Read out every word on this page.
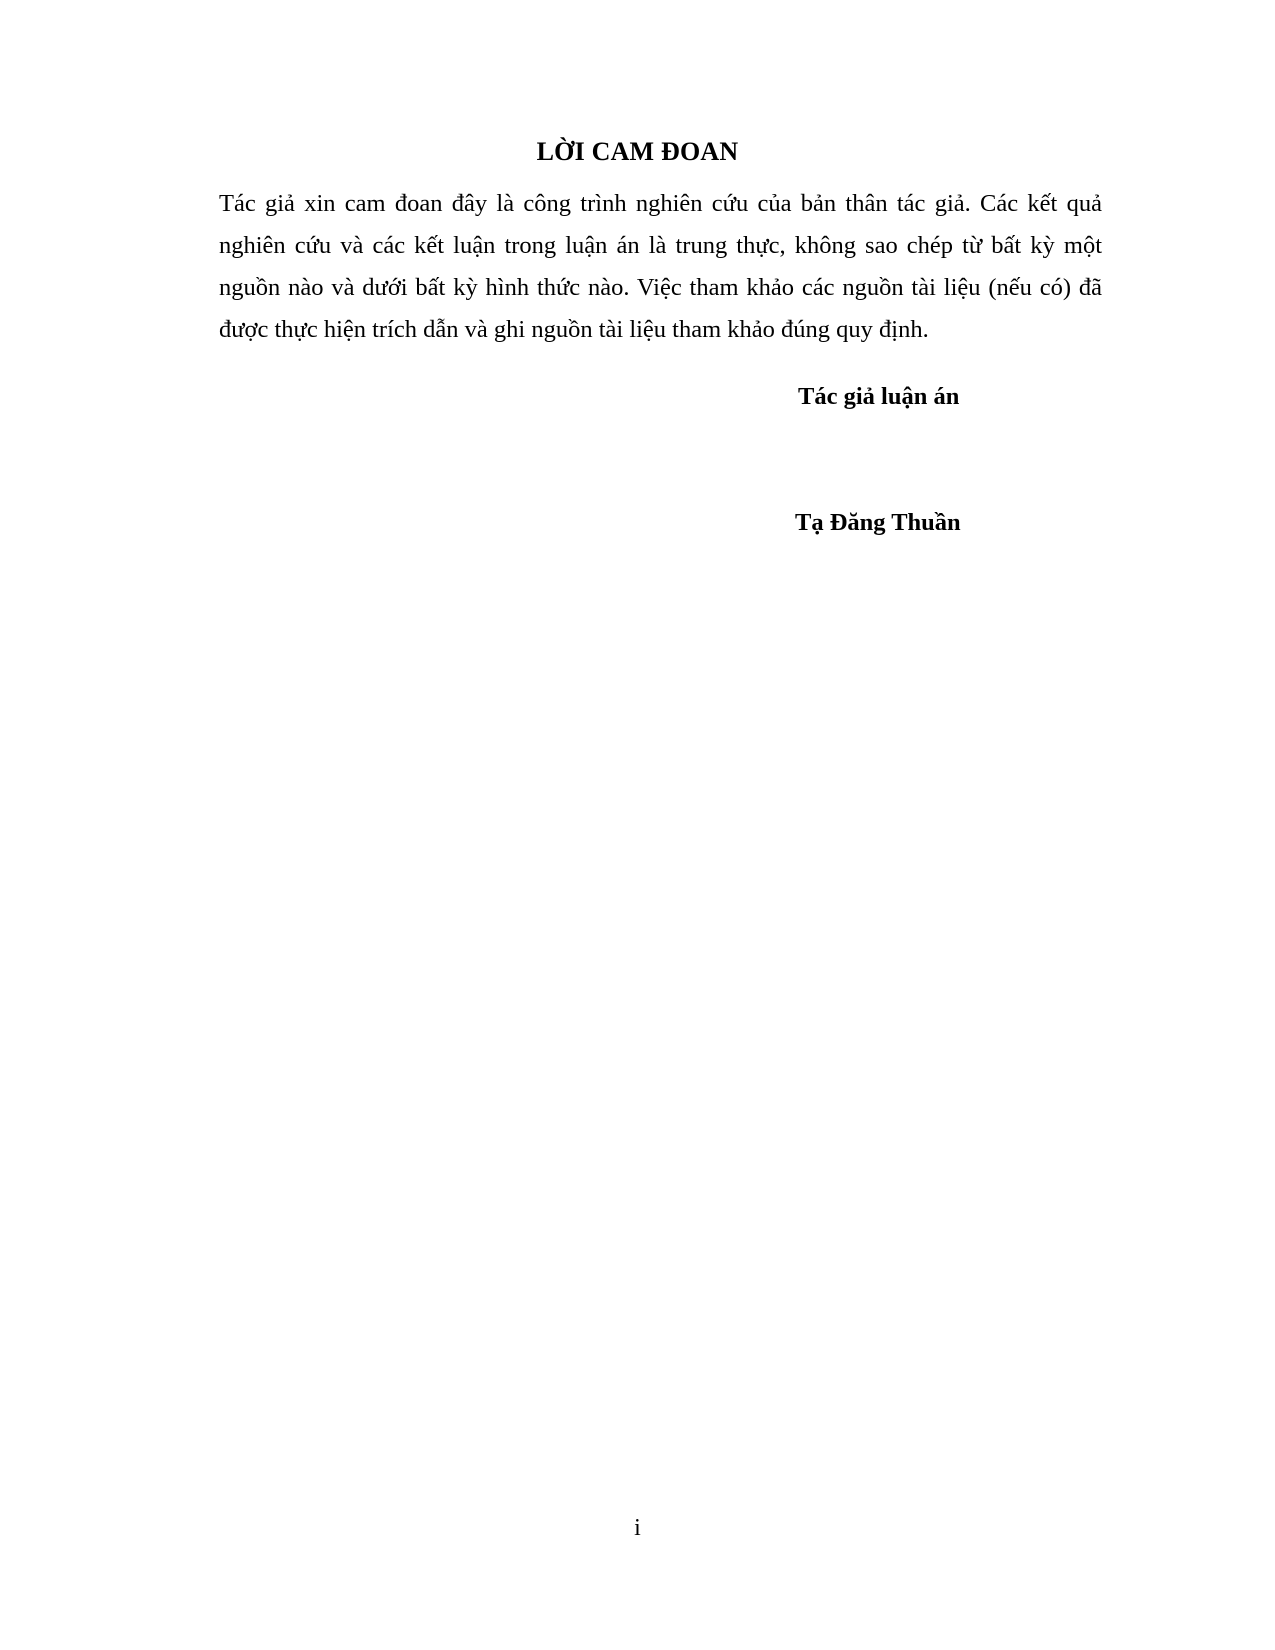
LỜI CAM ĐOAN
Tác giả xin cam đoan đây là công trình nghiên cứu của bản thân tác giả. Các kết quả
nghiên cứu và các kết luận trong luận án là trung thực, không sao chép từ bất kỳ một
nguồn nào và dưới bất kỳ hình thức nào. Việc tham khảo các nguồn tài liệu (nếu có) đã
được thực hiện trích dẫn và ghi nguồn tài liệu tham khảo đúng quy định.

Tác giả luận án

Tạ Đăng Thuần

i
